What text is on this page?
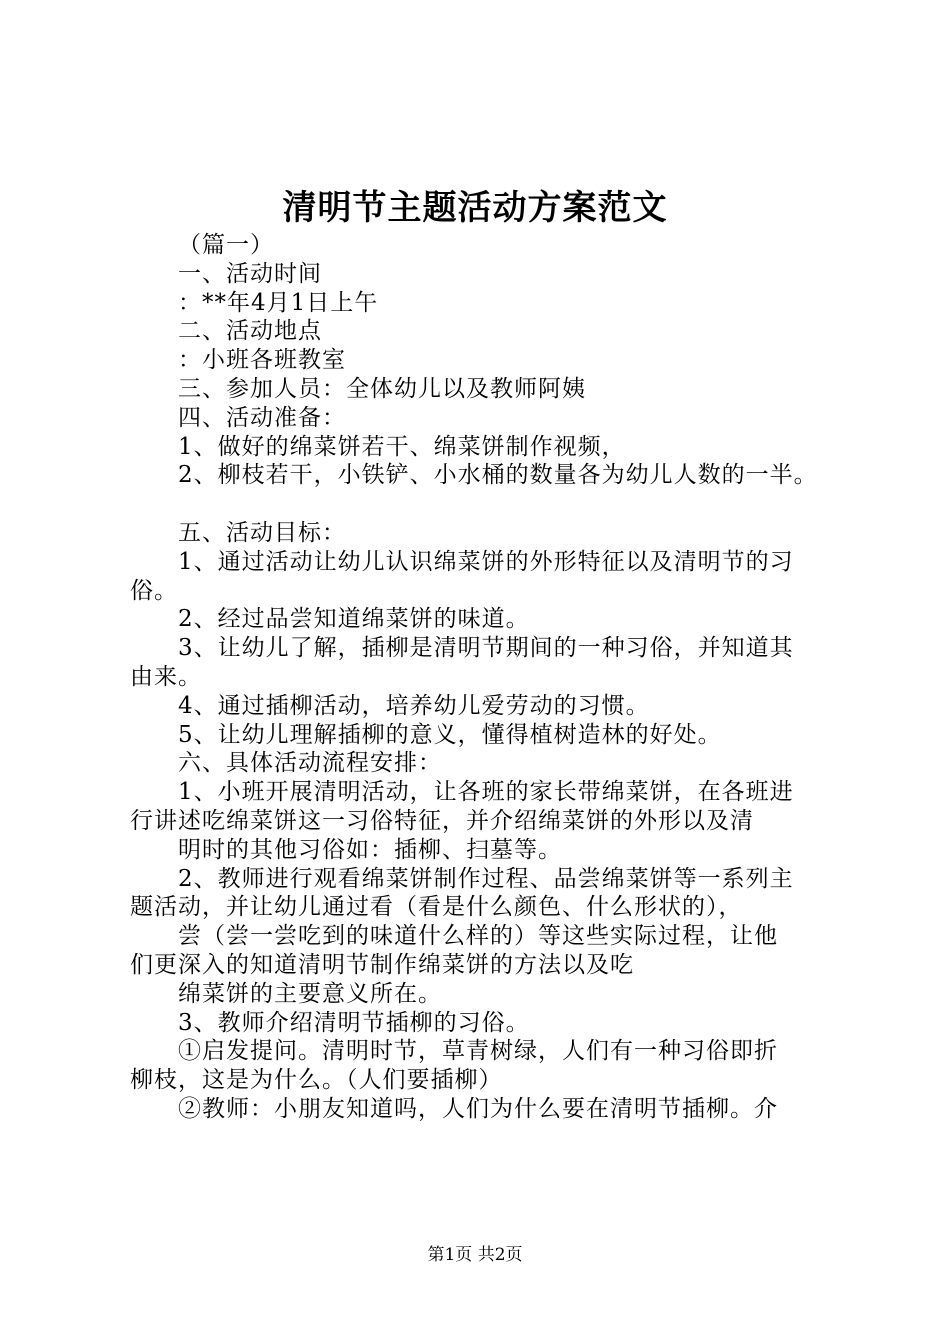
清明节主题活动方案范文
（篇一）
一、活动时间
：**年4月1日上午
二、活动地点
：小班各班教室
三、参加人员：全体幼儿以及教师阿姨
四、活动准备：
1、做好的绵菜饼若干、绵菜饼制作视频，
2、柳枝若干，小铁铲、小水桶的数量各为幼儿人数的一半。
五、活动目标：
1、通过活动让幼儿认识绵菜饼的外形特征以及清明节的习
俗。
2、经过品尝知道绵菜饼的味道。
3、让幼儿了解，插柳是清明节期间的一种习俗，并知道其
由来。
4、通过插柳活动，培养幼儿爱劳动的习惯。
5、让幼儿理解插柳的意义，懂得植树造林的好处。
六、具体活动流程安排：
1、小班开展清明活动，让各班的家长带绵菜饼，在各班进
行讲述吃绵菜饼这一习俗特征，并介绍绵菜饼的外形以及清
明时的其他习俗如：插柳、扫墓等。
2、教师进行观看绵菜饼制作过程、品尝绵菜饼等一系列主
题活动，并让幼儿通过看（看是什么颜色、什么形状的），
尝（尝一尝吃到的味道什么样的）等这些实际过程，让他
们更深入的知道清明节制作绵菜饼的方法以及吃
绵菜饼的主要意义所在。
3、教师介绍清明节插柳的习俗。
①启发提问。清明时节，草青树绿，人们有一种习俗即折
柳枝，这是为什么。（人们要插柳）
②教师：小朋友知道吗，人们为什么要在清明节插柳。介
第1页 共2页
